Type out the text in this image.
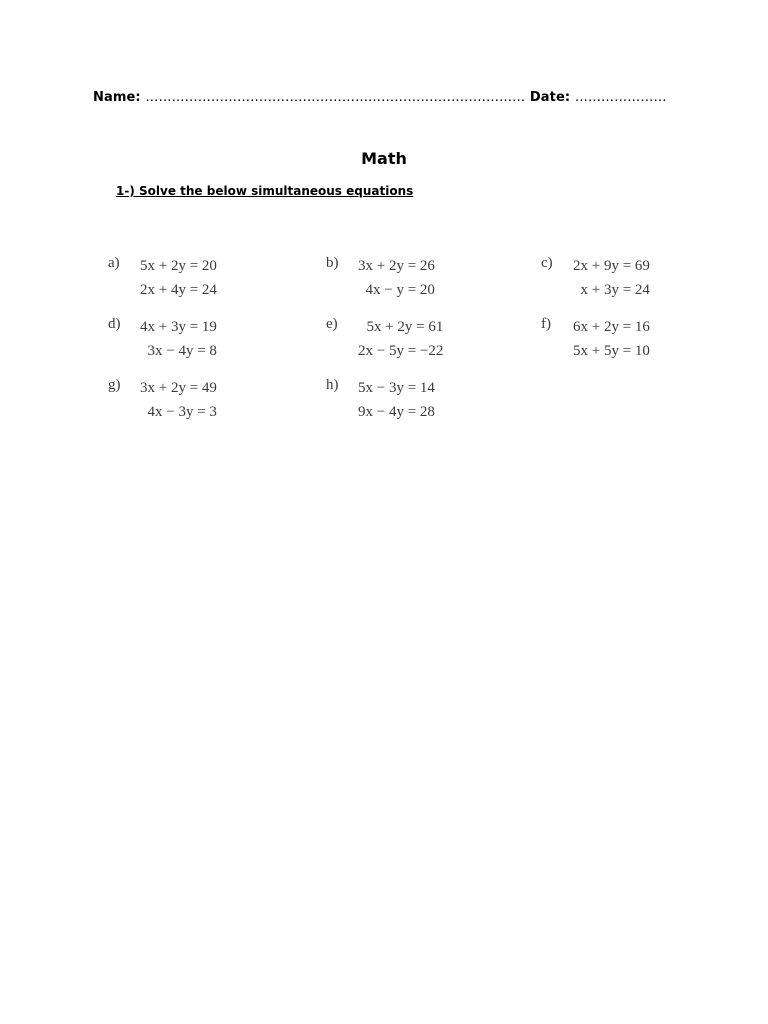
Name: …………………………………………………………………………… Date: …………………
Math
1-) Solve the below simultaneous equations
a)	5x + 2y = 20
2x + 4y = 24
b)	3x + 2y = 26
4x − y = 20
c)	2x + 9y = 69
x + 3y = 24
d)	4x + 3y = 19
3x − 4y = 8
e)	5x + 2y = 61
2x − 5y = −22
f)	6x + 2y = 16
5x + 5y = 10
g)	3x + 2y = 49
4x − 3y = 3
h)	5x − 3y = 14
9x − 4y = 28
